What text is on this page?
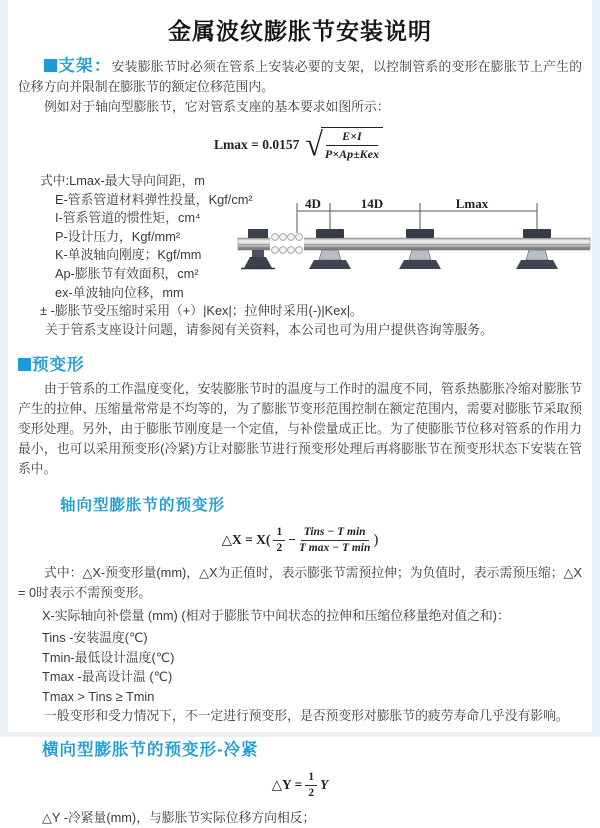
金属波纹膨胀节安装说明

支架：安装膨胀节时必须在管系上安装必要的支架，以控制管系的变形在膨胀节上产生的位移方向并限制在膨胀节的额定位移范围内。

例如对于轴向型膨胀节，它对管系支座的基本要求如图所示：

Lmax = 0.0157 √
$\frac{E\times I}{\text{P×Ap±Kex}}$
式中:Lmax-最大导向间距，m
E-管系管道材料弹性投量，Kgf/cm²
I-管系管道的惯性矩，cm⁴
P-设计压力，Kgf/mm²
K-单波轴向刚度；Kgf/mm
Ap-膨胀节有效面积，cm²
ex-单波轴向位移，mm
± -膨胀节受压缩时采用（+）|Kex|；拉伸时采用(-)|Kex|。
关于管系支座设计问题，请参阅有关资料，本公司也可为用户提供咨询等服务。
4D	14D	Lmax
预变形

由于管系的工作温度变化，安装膨胀节时的温度与工作时的温度不同，管系热膨胀冷缩对膨胀节产生的拉伸、压缩量常常是不均等的，为了膨胀节变形范围控制在额定范围内，需要对膨胀节采取预变形处理。另外，由于膨胀节刚度是一个定值，与补偿量成正比。为了使膨胀节位移对管系的作用力最小，也可以采用预变形(冷紧)方让对膨胀节进行预变形处理后再将膨胀节在预变形状态下安装在管系中。

轴向型膨胀节的预变形
△X = $X( \frac{1}{2} - \frac{\text{Tins − T min}}{\text{T max − T min}}$ )

式中：△X-预变形量(mm)，△X为正值时，表示膨张节需预拉伸；为负值时，表示需预压缩；△X = 0时表示不需预变形。

X-实际轴向补偿量 (mm) (相对于膨胀节中间状态的拉伸和压缩位移量绝对值之和)：
Tins -安装温度(℃)
Tmin-最低设计温度(℃)
Tmax -最高设计温 (℃)
Tmax > Tins ≥ Tmin

一般变形和受力情况下，不一定进行预变形，是否预变形对膨胀节的疲劳寿命几乎没有影响。

横向型膨胀节的预变形-冷紧
△Y = $\frac{1}{2}$ Y
△Y -冷紧量(mm)，与膨胀节实际位移方向相反；
